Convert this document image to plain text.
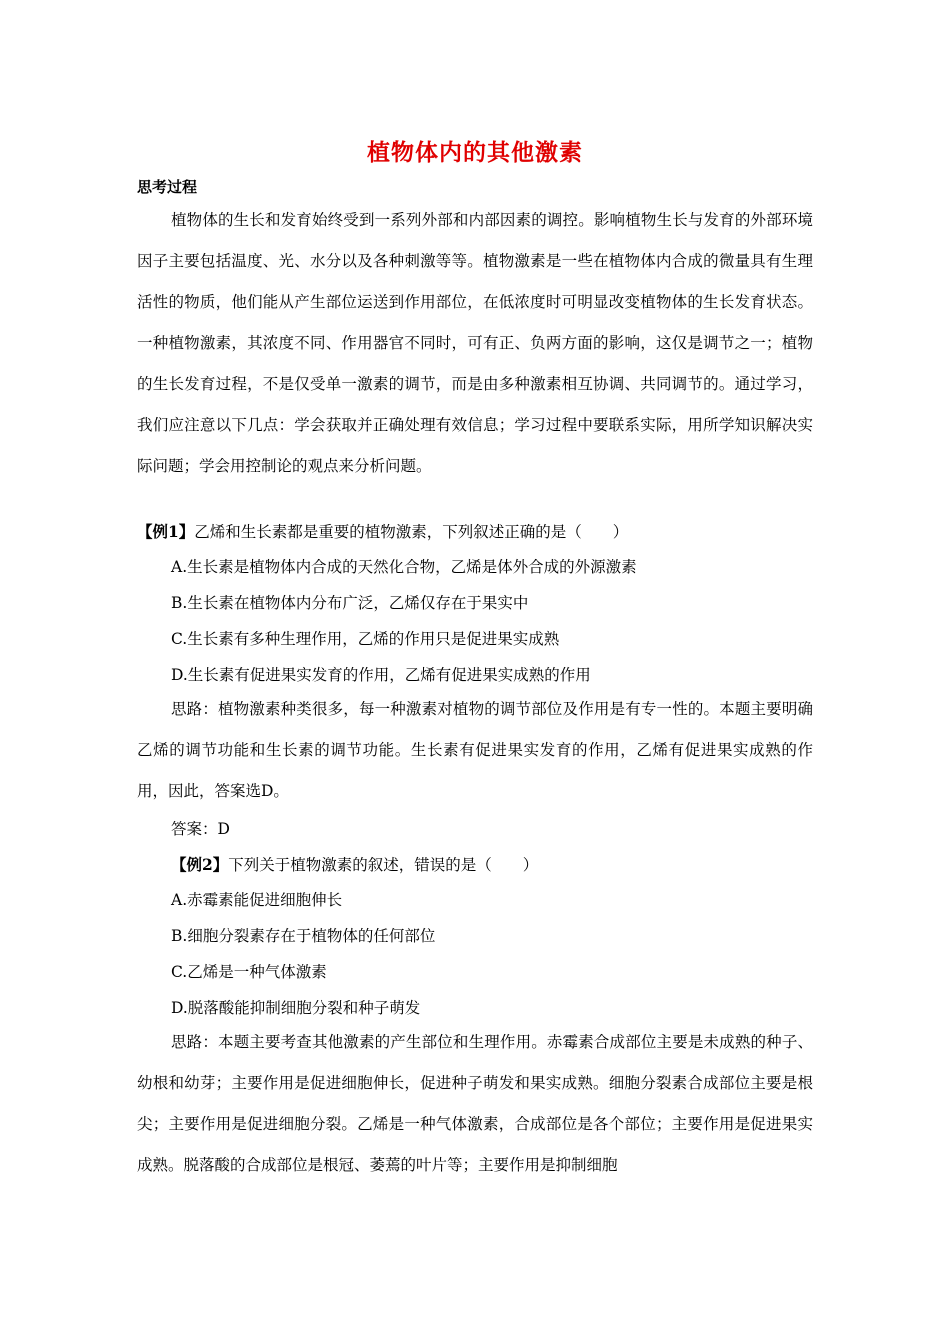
植物体内的其他激素
思考过程

植物体的生长和发育始终受到一系列外部和内部因素的调控。影响植物生长与发育的外部环境因子主要包括温度、光、水分以及各种刺激等等。植物激素是一些在植物体内合成的微量具有生理活性的物质，他们能从产生部位运送到作用部位，在低浓度时可明显改变植物体的生长发育状态。一种植物激素，其浓度不同、作用器官不同时，可有正、负两方面的影响，这仅是调节之一；植物的生长发育过程，不是仅受单一激素的调节，而是由多种激素相互协调、共同调节的。通过学习，我们应注意以下几点：学会获取并正确处理有效信息；学习过程中要联系实际，用所学知识解决实际问题；学会用控制论的观点来分析问题。

【例1】乙烯和生长素都是重要的植物激素，下列叙述正确的是（　　）
A.生长素是植物体内合成的天然化合物，乙烯是体外合成的外源激素
B.生长素在植物体内分布广泛，乙烯仅存在于果实中
C.生长素有多种生理作用，乙烯的作用只是促进果实成熟
D.生长素有促进果实发育的作用，乙烯有促进果实成熟的作用

思路：植物激素种类很多，每一种激素对植物的调节部位及作用是有专一性的。本题主要明确乙烯的调节功能和生长素的调节功能。生长素有促进果实发育的作用，乙烯有促进果实成熟的作用，因此，答案选D。

答案：D
【例2】下列关于植物激素的叙述，错误的是（　　）
A.赤霉素能促进细胞伸长
B.细胞分裂素存在于植物体的任何部位
C.乙烯是一种气体激素
D.脱落酸能抑制细胞分裂和种子萌发

思路：本题主要考查其他激素的产生部位和生理作用。赤霉素合成部位主要是未成熟的种子、幼根和幼芽；主要作用是促进细胞伸长，促进种子萌发和果实成熟。细胞分裂素合成部位主要是根尖；主要作用是促进细胞分裂。乙烯是一种气体激素，合成部位是各个部位；主要作用是促进果实成熟。脱落酸的合成部位是根冠、萎蔫的叶片等；主要作用是抑制细胞
